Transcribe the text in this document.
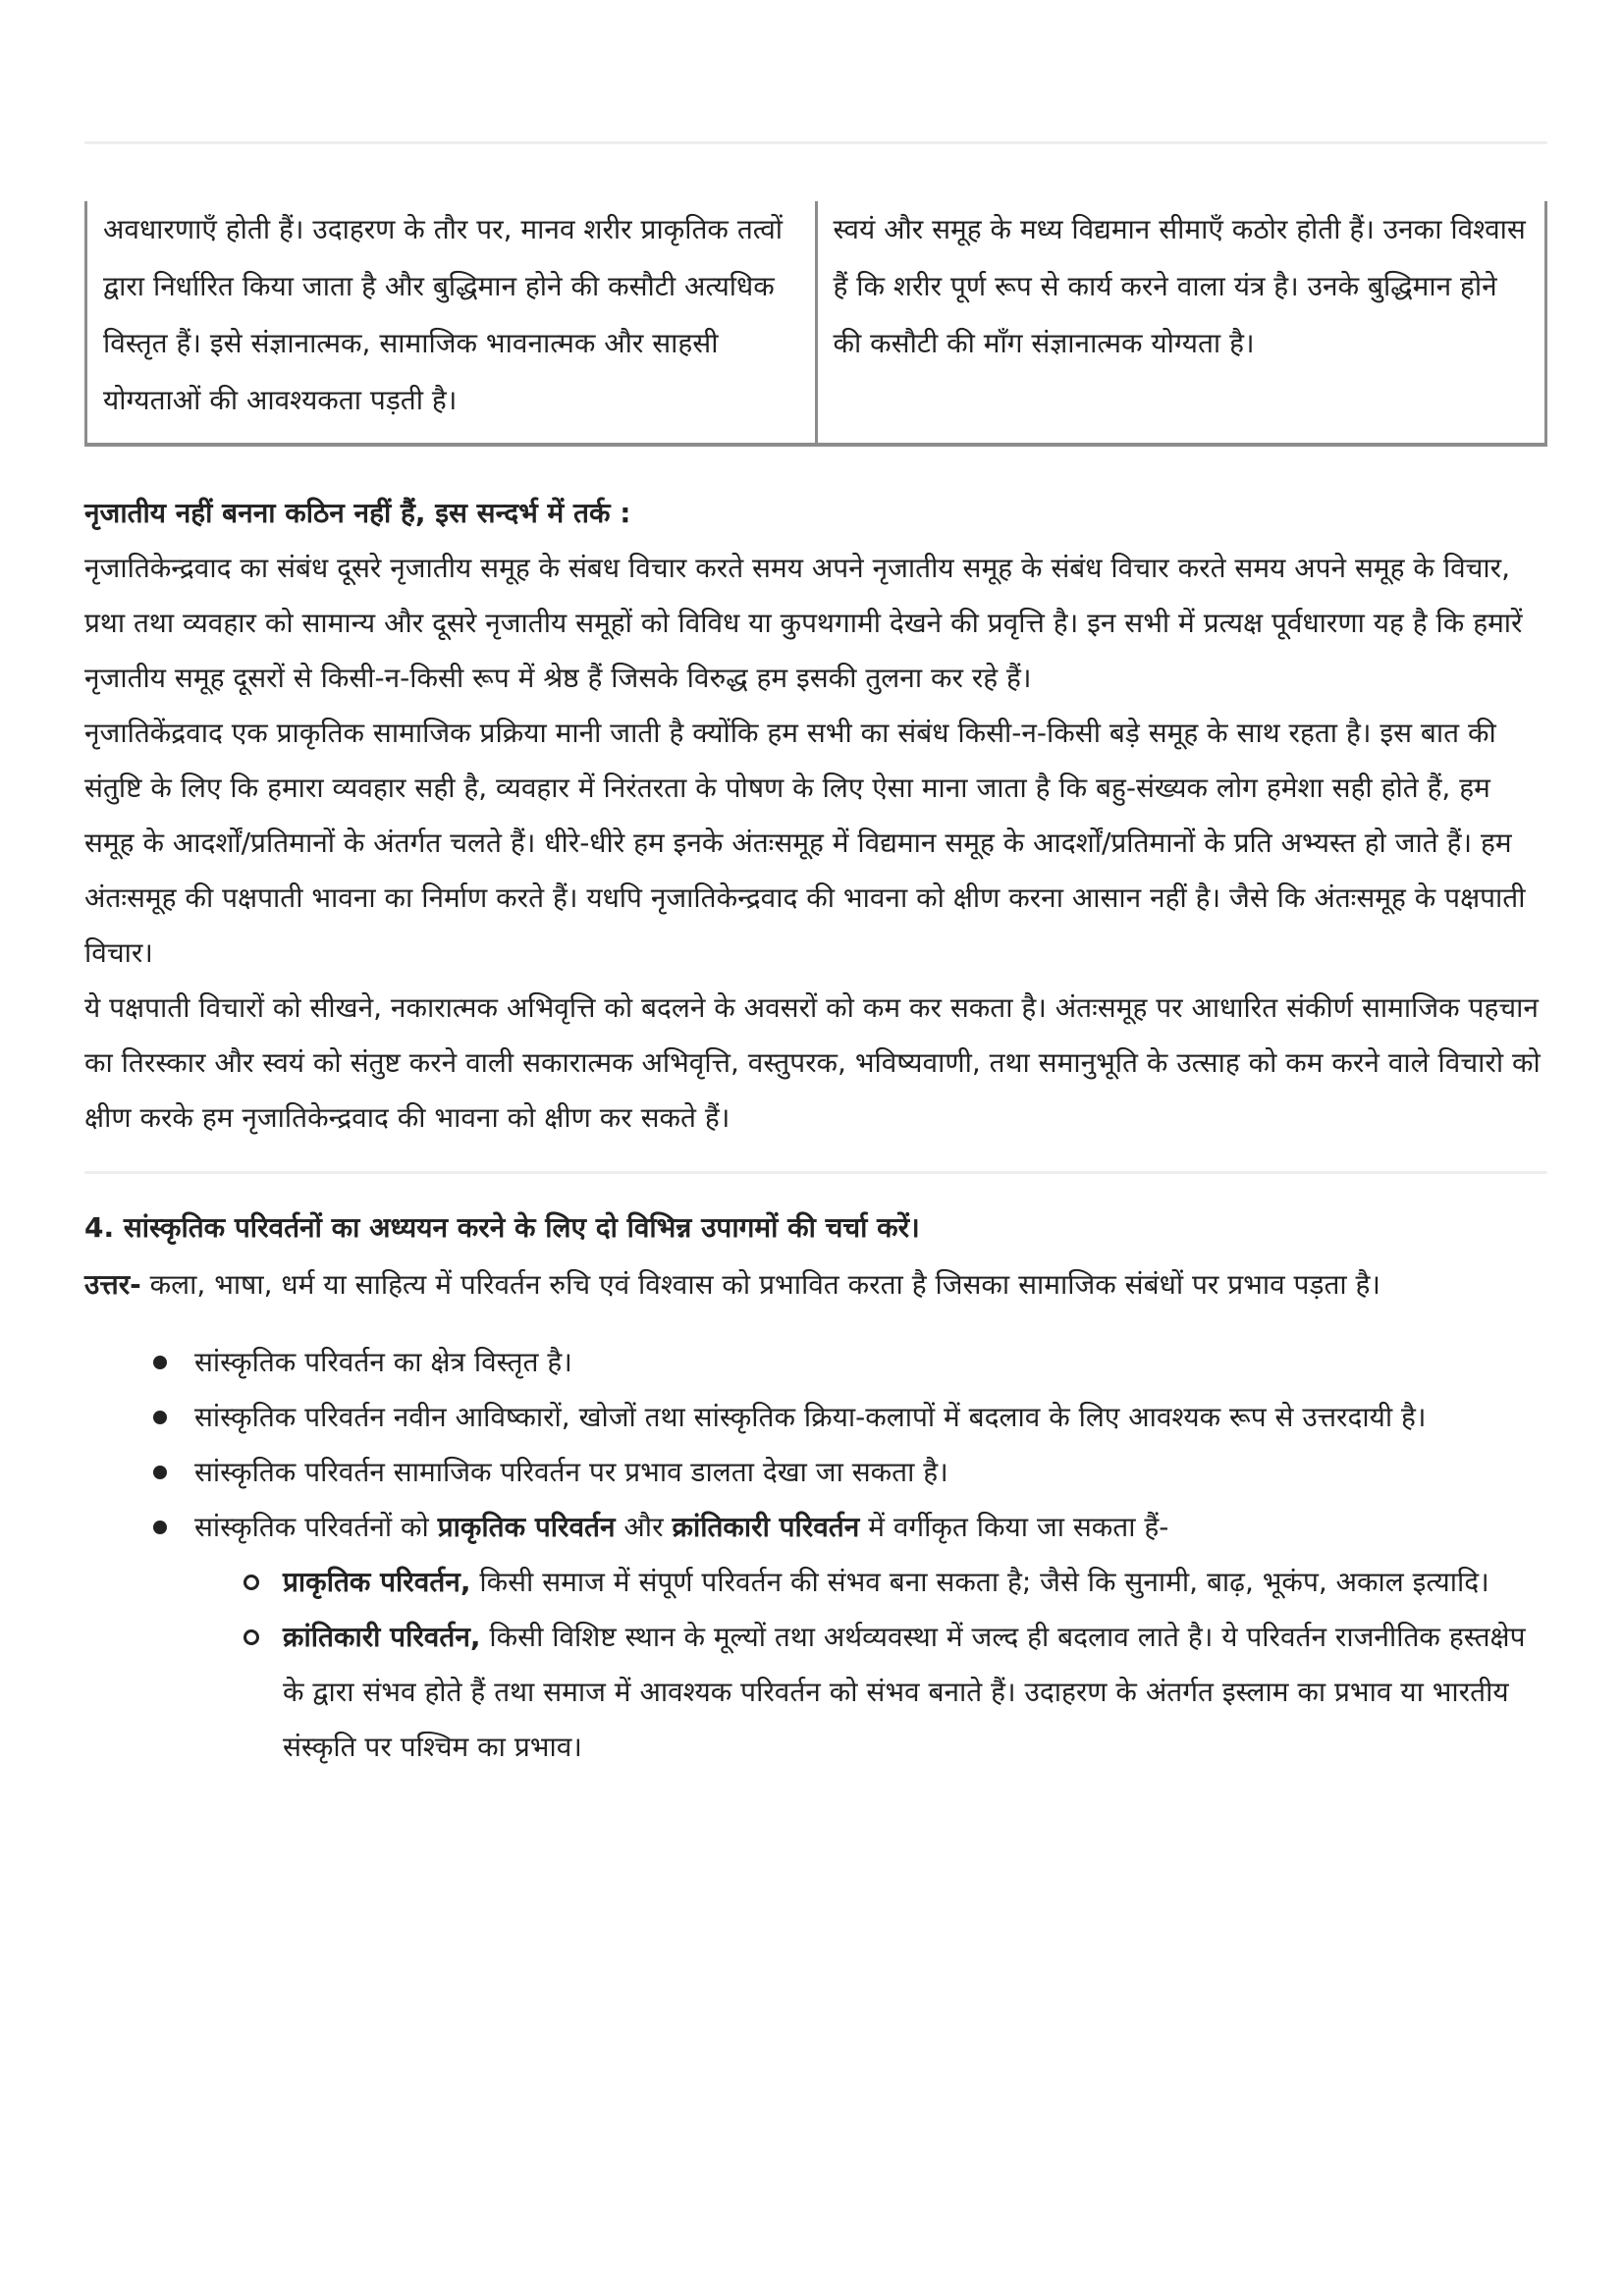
अवधारणाएँ होती हैं। उदाहरण के तौर पर, मानव शरीर प्राकृतिक तत्वों द्वारा निर्धारित किया जाता है और बुद्धिमान होने की कसौटी अत्यधिक विस्तृत हैं। इसे संज्ञानात्मक, सामाजिक भावनात्मक और साहसी योग्यताओं की आवश्यकता पड़ती है।	स्वयं और समूह के मध्य विद्यमान सीमाएँ कठोर होती हैं। उनका विश्वास हैं कि शरीर पूर्ण रूप से कार्य करने वाला यंत्र है। उनके बुद्धिमान होने की कसौटी की माँग संज्ञानात्मक योग्यता है।

नृजातीय नहीं बनना कठिन नहीं हैं, इस सन्दर्भ में तर्क :

नृजातिकेन्द्रवाद का संबंध दूसरे नृजातीय समूह के संबध विचार करते समय अपने नृजातीय समूह के संबंध विचार करते समय अपने समूह के विचार, प्रथा तथा व्यवहार को सामान्य और दूसरे नृजातीय समूहों को विविध या कुपथगामी देखने की प्रवृत्ति है। इन सभी में प्रत्यक्ष पूर्वधारणा यह है कि हमारें नृजातीय समूह दूसरों से किसी-न-किसी रूप में श्रेष्ठ हैं जिसके विरुद्ध हम इसकी तुलना कर रहे हैं।

नृजातिकेंद्रवाद एक प्राकृतिक सामाजिक प्रक्रिया मानी जाती है क्योंकि हम सभी का संबंध किसी-न-किसी बड़े समूह के साथ रहता है। इस बात की संतुष्टि के लिए कि हमारा व्यवहार सही है, व्यवहार में निरंतरता के पोषण के लिए ऐसा माना जाता है कि बहु-संख्यक लोग हमेशा सही होते हैं, हम समूह के आदर्शों/प्रतिमानों के अंतर्गत चलते हैं। धीरे-धीरे हम इनके अंतःसमूह में विद्यमान समूह के आदर्शों/प्रतिमानों के प्रति अभ्यस्त हो जाते हैं। हम अंतःसमूह की पक्षपाती भावना का निर्माण करते हैं। यधपि नृजातिकेन्द्रवाद की भावना को क्षीण करना आसान नहीं है। जैसे कि अंतःसमूह के पक्षपाती विचार।

ये पक्षपाती विचारों को सीखने, नकारात्मक अभिवृत्ति को बदलने के अवसरों को कम कर सकता है। अंतःसमूह पर आधारित संकीर्ण सामाजिक पहचान का तिरस्कार और स्वयं को संतुष्ट करने वाली सकारात्मक अभिवृत्ति, वस्तुपरक, भविष्यवाणी, तथा समानुभूति के उत्साह को कम करने वाले विचारो को क्षीण करके हम नृजातिकेन्द्रवाद की भावना को क्षीण कर सकते हैं।

4. सांस्कृतिक परिवर्तनों का अध्ययन करने के लिए दो विभिन्न उपागमों की चर्चा करें।

उत्तर- कला, भाषा, धर्म या साहित्य में परिवर्तन रुचि एवं विश्वास को प्रभावित करता है जिसका सामाजिक संबंधों पर प्रभाव पड़ता है।

सांस्कृतिक परिवर्तन का क्षेत्र विस्तृत है।
सांस्कृतिक परिवर्तन नवीन आविष्कारों, खोजों तथा सांस्कृतिक क्रिया-कलापों में बदलाव के लिए आवश्यक रूप से उत्तरदायी है।
सांस्कृतिक परिवर्तन सामाजिक परिवर्तन पर प्रभाव डालता देखा जा सकता है।
सांस्कृतिक परिवर्तनों को प्राकृतिक परिवर्तन और क्रांतिकारी परिवर्तन में वर्गीकृत किया जा सकता हैं-
प्राकृतिक परिवर्तन, किसी समाज में संपूर्ण परिवर्तन की संभव बना सकता है; जैसे कि सुनामी, बाढ़, भूकंप, अकाल इत्यादि।
क्रांतिकारी परिवर्तन, किसी विशिष्ट स्थान के मूल्यों तथा अर्थव्यवस्था में जल्द ही बदलाव लाते है। ये परिवर्तन राजनीतिक हस्तक्षेप के द्वारा संभव होते हैं तथा समाज में आवश्यक परिवर्तन को संभव बनाते हैं। उदाहरण के अंतर्गत इस्लाम का प्रभाव या भारतीय संस्कृति पर पश्चिम का प्रभाव।
